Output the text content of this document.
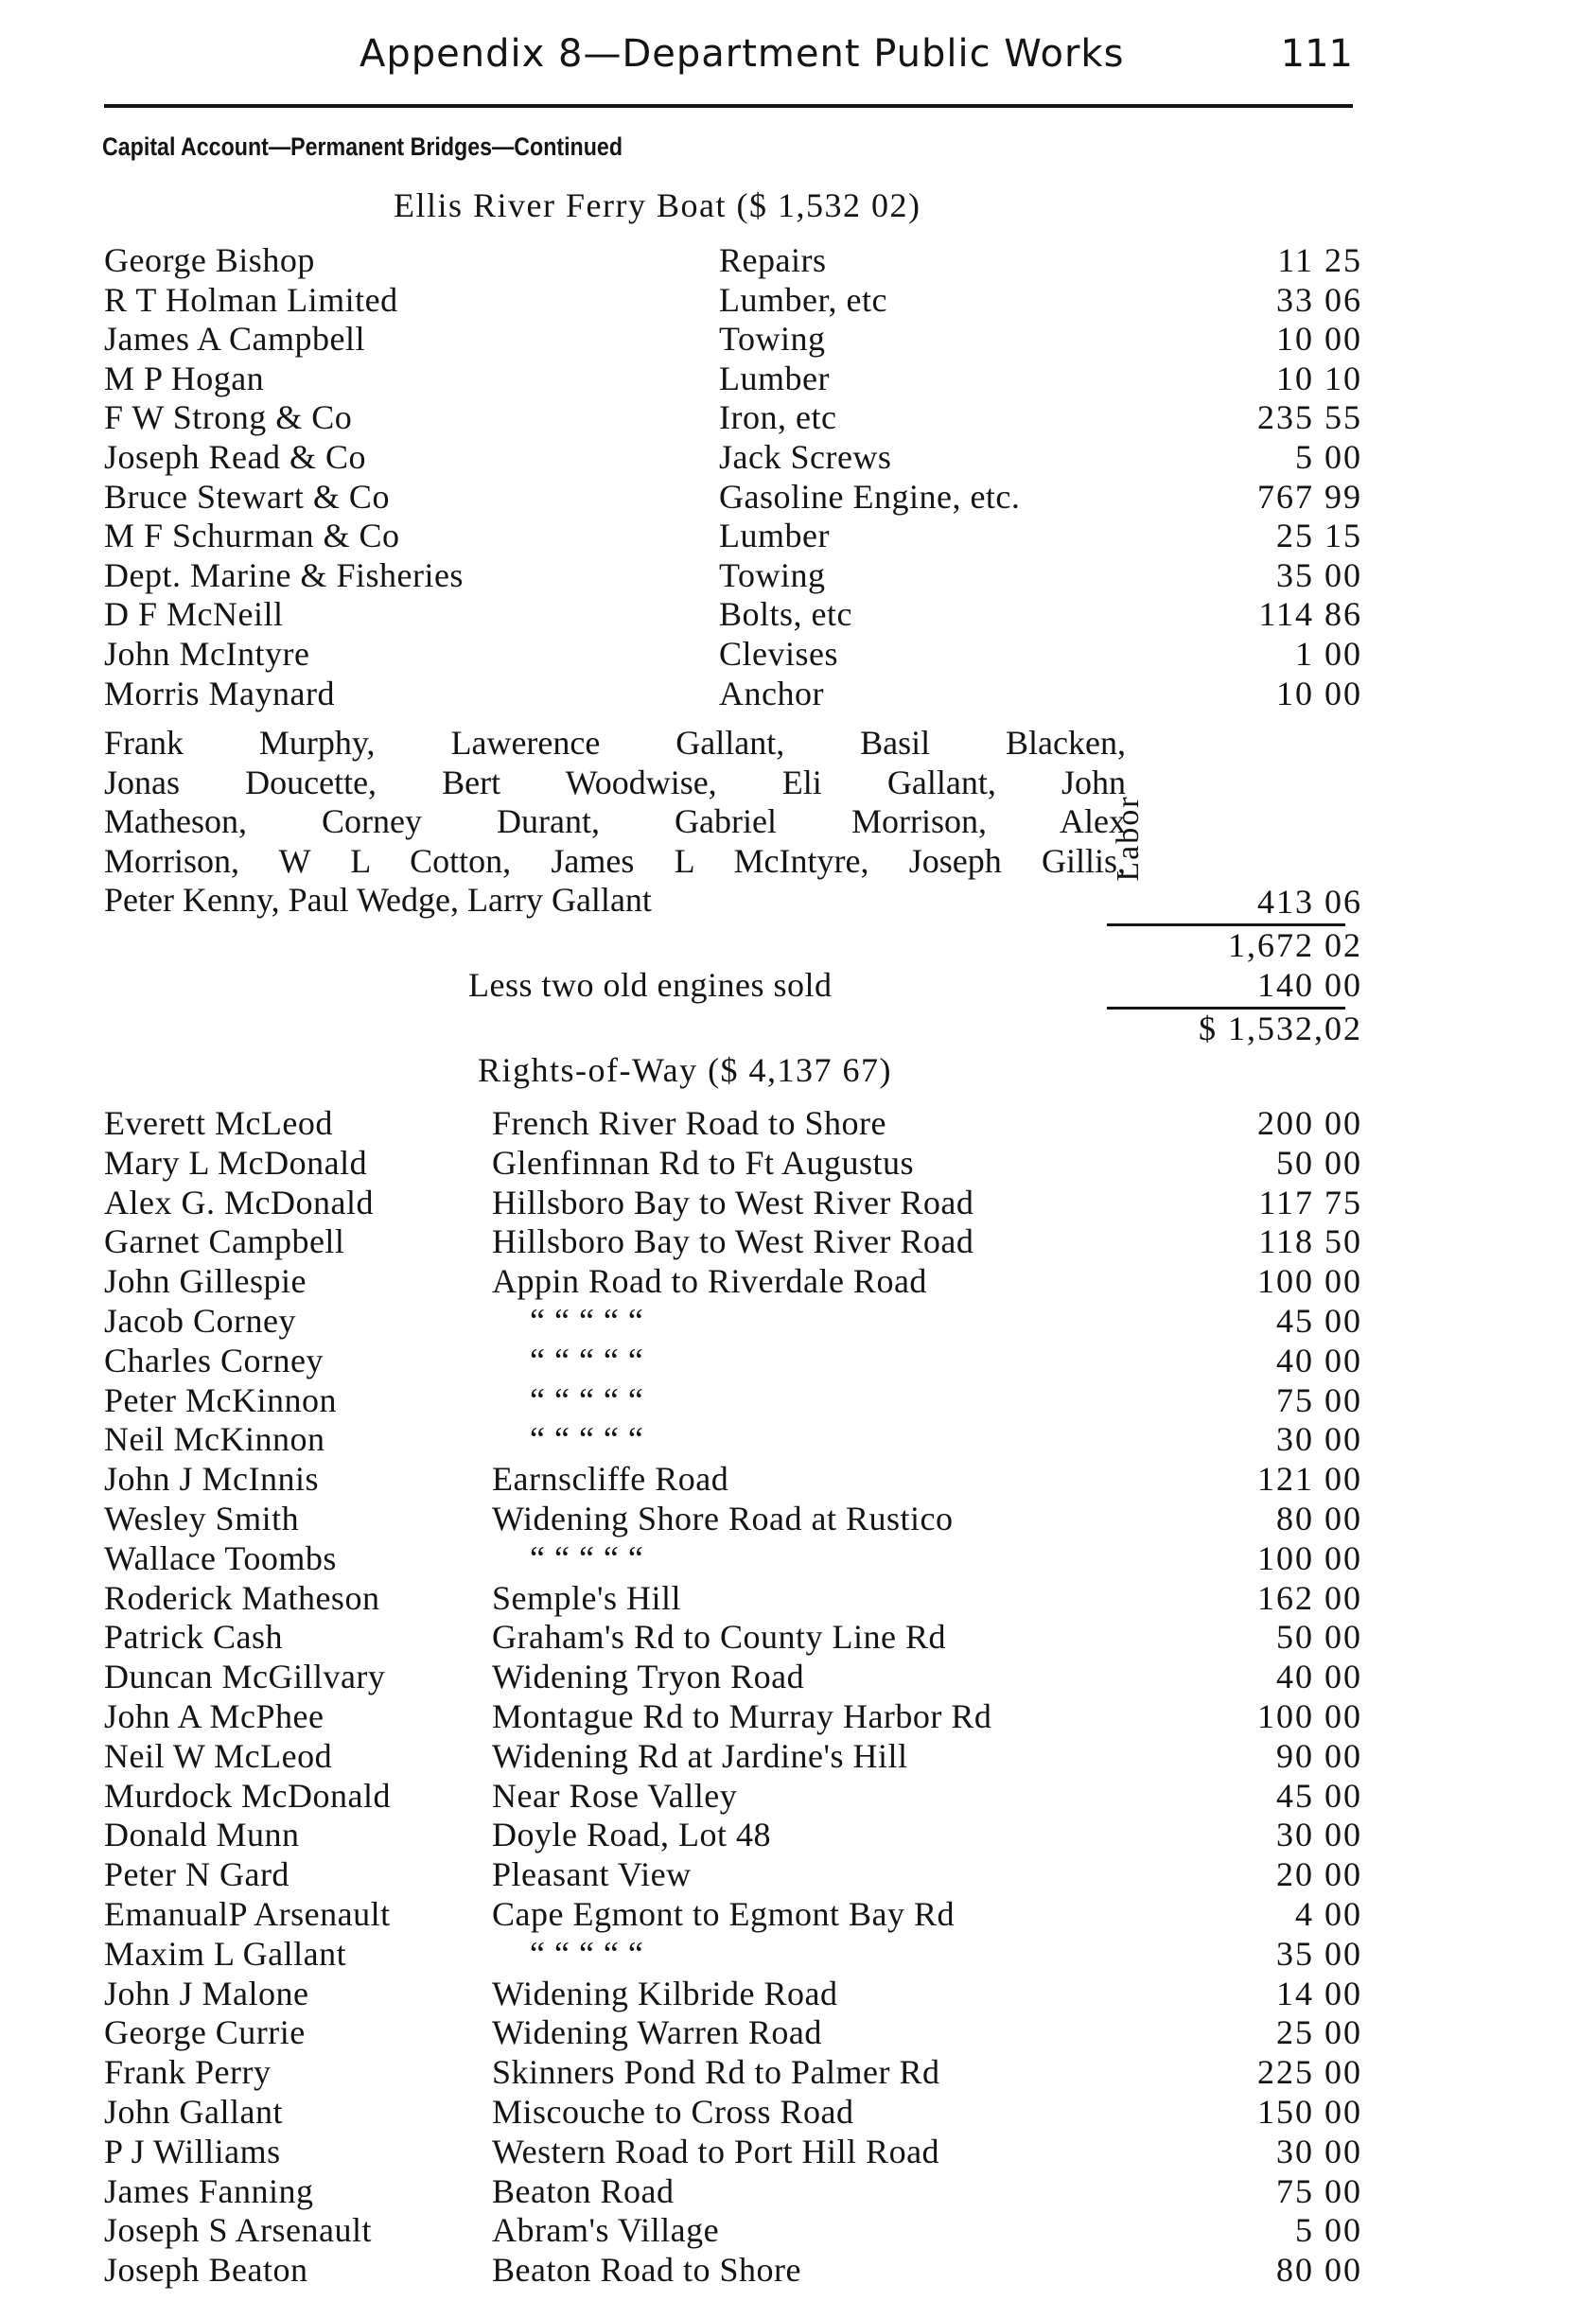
Appendix 8—Department Public Works	111
Capital Account—Permanent Bridges—Continued
Ellis River Ferry Boat ($ 1,532 02)
George Bishop	Repairs	11 25
R T Holman Limited	Lumber, etc	33 06
James A Campbell	Towing	10 00
M P Hogan	Lumber	10 10
F W Strong & Co	Iron, etc	235 55
Joseph Read & Co	Jack Screws	5 00
Bruce Stewart & Co	Gasoline Engine, etc.	767 99
M F Schurman & Co	Lumber	25 15
Dept. Marine & Fisheries	Towing	35 00
D F McNeill	Bolts, etc	114 86
John McIntyre	Clevises	1 00
Morris Maynard	Anchor	10 00
Frank Murphy, Lawerence Gallant, Basil Blacken,
Jonas Doucette, Bert Woodwise, Eli Gallant, John
Matheson, Corney Durant, Gabriel Morrison, Alex
Morrison, W L Cotton, James L McIntyre, Joseph Gillis,
Peter Kenny, Paul Wedge, Larry Gallant
Labor
413 06
1,672 02
Less two old engines sold	140 00
$ 1,532,02
Rights-of-Way ($ 4,137 67)
Everett McLeod	French River Road to Shore	200 00
Mary L McDonald	Glenfinnan Rd to Ft Augustus	50 00
Alex G. McDonald	Hillsboro Bay to West River Road	117 75
Garnet Campbell	Hillsboro Bay to West River Road	118 50
John Gillespie	Appin Road to Riverdale Road	100 00
Jacob Corney	“ “ “ “ “	45 00
Charles Corney	“ “ “ “ “	40 00
Peter McKinnon	“ “ “ “ “	75 00
Neil McKinnon	“ “ “ “ “	30 00
John J McInnis	Earnscliffe Road	121 00
Wesley Smith	Widening Shore Road at Rustico	80 00
Wallace Toombs	“ “ “ “ “	100 00
Roderick Matheson	Semple's Hill	162 00
Patrick Cash	Graham's Rd to County Line Rd	50 00
Duncan McGillvary	Widening Tryon Road	40 00
John A McPhee	Montague Rd to Murray Harbor Rd	100 00
Neil W McLeod	Widening Rd at Jardine's Hill	90 00
Murdock McDonald	Near Rose Valley	45 00
Donald Munn	Doyle Road, Lot 48	30 00
Peter N Gard	Pleasant View	20 00
EmanualP Arsenault	Cape Egmont to Egmont Bay Rd	4 00
Maxim L Gallant	“ “ “ “ “	35 00
John J Malone	Widening Kilbride Road	14 00
George Currie	Widening Warren Road	25 00
Frank Perry	Skinners Pond Rd to Palmer Rd	225 00
John Gallant	Miscouche to Cross Road	150 00
P J Williams	Western Road to Port Hill Road	30 00
James Fanning	Beaton Road	75 00
Joseph S Arsenault	Abram's Village	5 00
Joseph Beaton	Beaton Road to Shore	80 00
